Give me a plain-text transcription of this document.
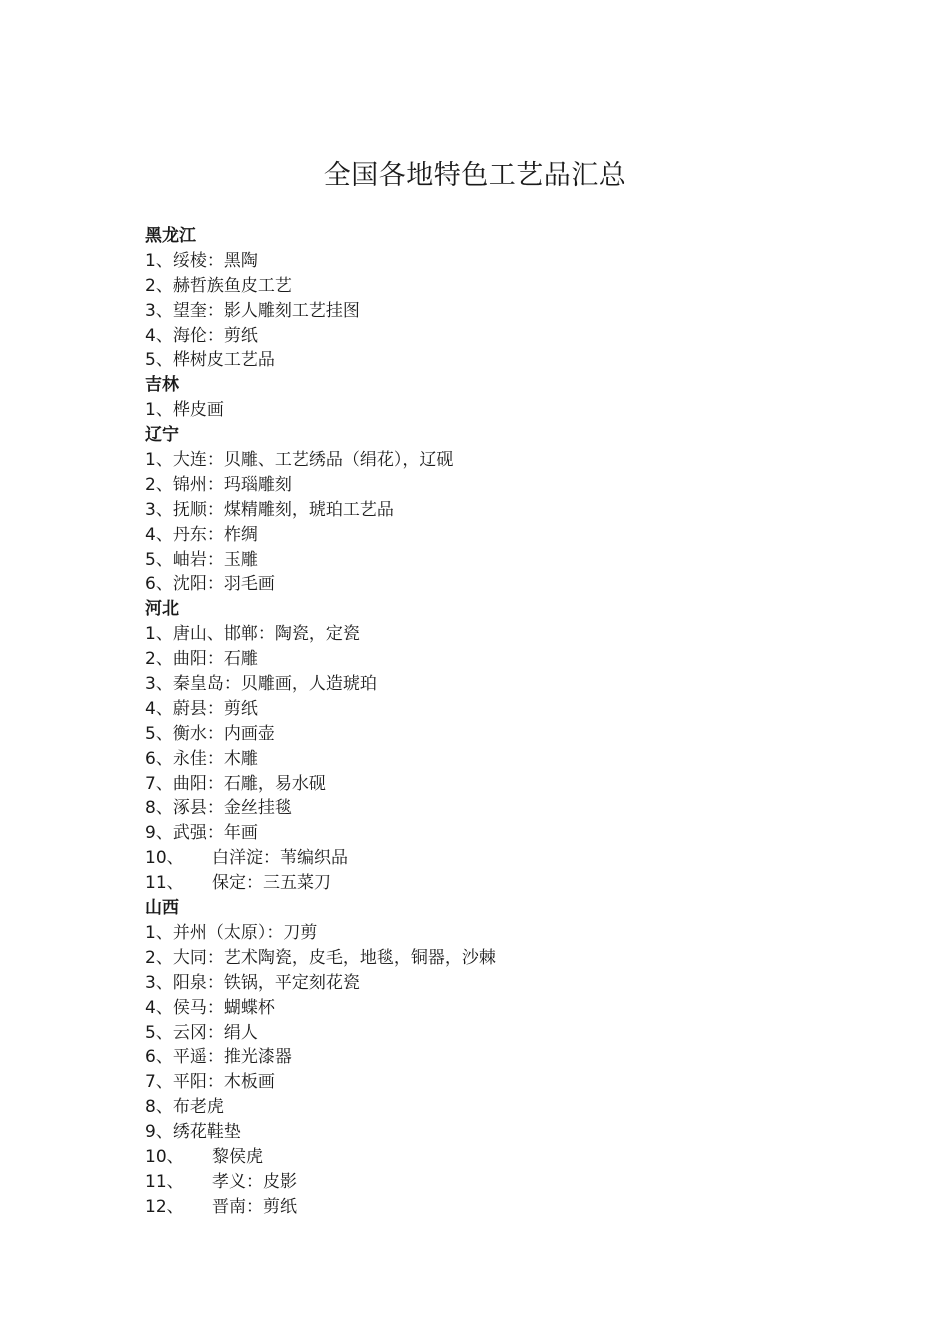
全国各地特色工艺品汇总
黑龙江
1、绥棱：黑陶
2、赫哲族鱼皮工艺
3、望奎：影人雕刻工艺挂图
4、海伦：剪纸
5、桦树皮工艺品
吉林
1、桦皮画
辽宁
1、大连：贝雕、工艺绣品（绢花），辽砚
2、锦州：玛瑙雕刻
3、抚顺：煤精雕刻，琥珀工艺品
4、丹东：柞绸
5、岫岩：玉雕
6、沈阳：羽毛画
河北
1、唐山、邯郸：陶瓷，定瓷
2、曲阳：石雕
3、秦皇岛：贝雕画，人造琥珀
4、蔚县：剪纸
5、衡水：内画壶
6、永佳：木雕
7、曲阳：石雕，易水砚
8、涿县：金丝挂毯
9、武强：年画
10、 白洋淀：苇编织品
11、 保定：三五菜刀
山西
1、并州（太原）：刀剪
2、大同：艺术陶瓷，皮毛，地毯，铜器，沙棘
3、阳泉：铁锅，平定刻花瓷
4、侯马：蝴蝶杯
5、云冈：绢人
6、平遥：推光漆器
7、平阳：木板画
8、布老虎
9、绣花鞋垫
10、 黎侯虎
11、 孝义：皮影
12、 晋南：剪纸
